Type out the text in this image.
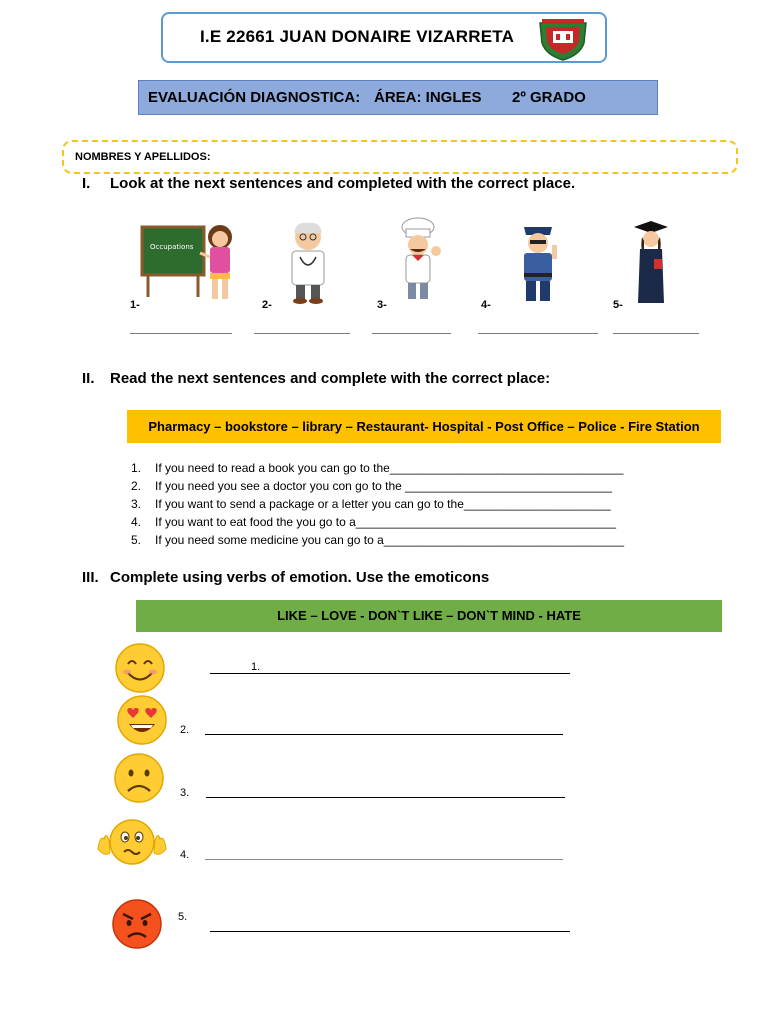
I.E 22661 JUAN DONAIRE VIZARRETA
EVALUACIÓN DIAGNOSTICA: ÁREA: INGLES 2º GRADO
NOMBRES Y APELLIDOS:
I. Look at the next sentences and completed with the correct place.
Occupations
1-	2-	3-	4-	5-
II. Read the next sentences and complete with the correct place:
Pharmacy – bookstore – library – Restaurant- Hospital - Post Office – Police - Fire Station
1. If you need to read a book you can go to the___________________________________
2. If you need you see a doctor you con go to the _______________________________
3. If you want to send a package or a letter you can go to the______________________
4. If you want to eat food the you go to a_______________________________________
5. If you need some medicine you can go to a____________________________________
III. Complete using verbs of emotion. Use the emoticons
LIKE – LOVE - DON`T LIKE – DON`T MIND - HATE
1.
2.
3.
4.
5.
